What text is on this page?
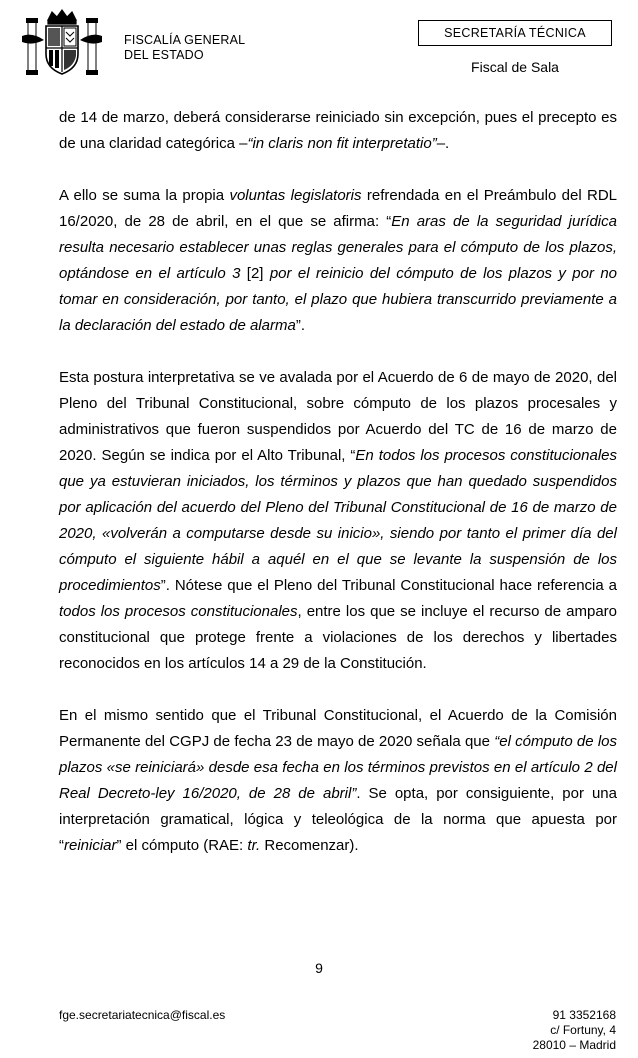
FISCALÍA GENERAL
DEL ESTADO
SECRETARÍA TÉCNICA
Fiscal de Sala

de 14 de marzo, deberá considerarse reiniciado sin excepción, pues el precepto es de una claridad categórica –“in claris non fit interpretatio”–.

A ello se suma la propia voluntas legislatoris refrendada en el Preámbulo del RDL 16/2020, de 28 de abril, en el que se afirma: “En aras de la seguridad jurídica resulta necesario establecer unas reglas generales para el cómputo de los plazos, optándose en el artículo 3 [2] por el reinicio del cómputo de los plazos y por no tomar en consideración, por tanto, el plazo que hubiera transcurrido previamente a la declaración del estado de alarma”.

Esta postura interpretativa se ve avalada por el Acuerdo de 6 de mayo de 2020, del Pleno del Tribunal Constitucional, sobre cómputo de los plazos procesales y administrativos que fueron suspendidos por Acuerdo del TC de 16 de marzo de 2020. Según se indica por el Alto Tribunal, “En todos los procesos constitucionales que ya estuvieran iniciados, los términos y plazos que han quedado suspendidos por aplicación del acuerdo del Pleno del Tribunal Constitucional de 16 de marzo de 2020, «volverán a computarse desde su inicio», siendo por tanto el primer día del cómputo el siguiente hábil a aquél en el que se levante la suspensión de los procedimientos”. Nótese que el Pleno del Tribunal Constitucional hace referencia a todos los procesos constitucionales, entre los que se incluye el recurso de amparo constitucional que protege frente a violaciones de los derechos y libertades reconocidos en los artículos 14 a 29 de la Constitución.

En el mismo sentido que el Tribunal Constitucional, el Acuerdo de la Comisión Permanente del CGPJ de fecha 23 de mayo de 2020 señala que “el cómputo de los plazos «se reiniciará» desde esa fecha en los términos previstos en el artículo 2 del Real Decreto-ley 16/2020, de 28 de abril”. Se opta, por consiguiente, por una interpretación gramatical, lógica y teleológica de la norma que apuesta por “reiniciar” el cómputo (RAE: tr. Recomenzar).

9
fge.secretariatecnica@fiscal.es	91 3352168
c/ Fortuny, 4
28010 – Madrid
